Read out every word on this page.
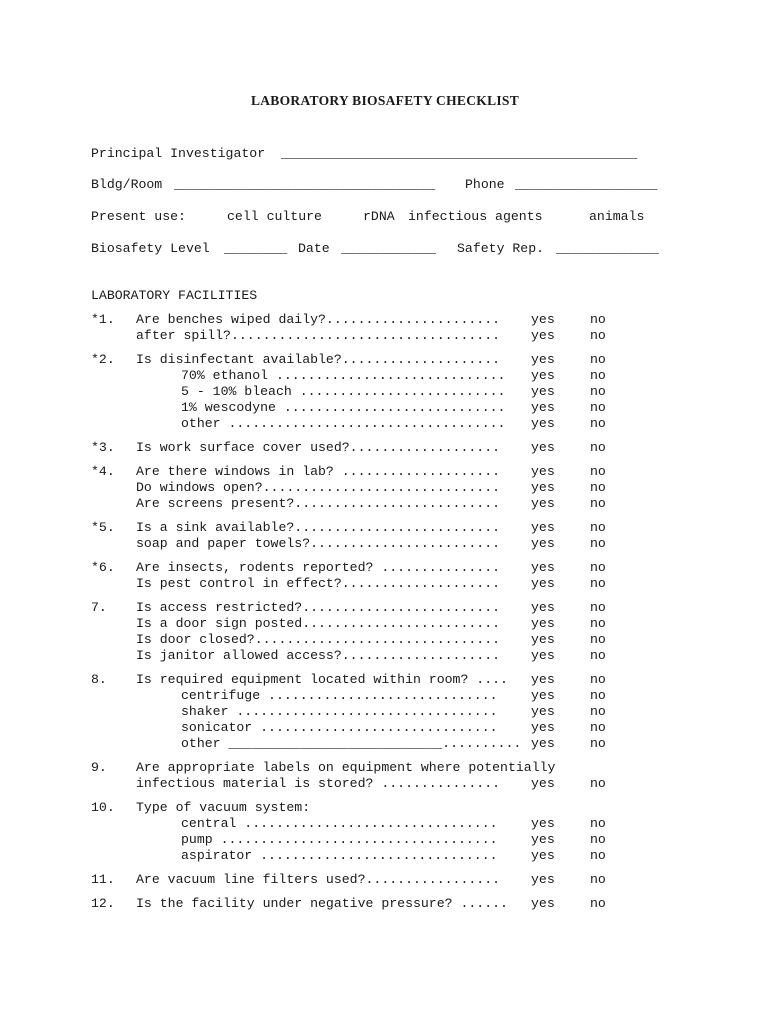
LABORATORY BIOSAFETY CHECKLIST
Principal Investigator _____________________________________________
Bldg/Room _________________________________ Phone __________________
Present use:	cell culture	rDNA infectious agents	animals
Biosafety Level ________ Date ____________ Safety Rep. _____________
LABORATORY FACILITIES
*1. Are benches wiped daily?...................... yes	no
after spill?.................................. yes	no
*2. Is disinfectant available?.................... yes	no
70% ethanol ............................. yes	no
5 - 10% bleach .......................... yes	no
1% wescodyne ............................ yes	no
other ................................... yes	no
*3. Is work surface cover used?................... yes	no
*4. Are there windows in lab? .................... yes	no
Do windows open?.............................. yes	no
Are screens present?.......................... yes	no
*5. Is a sink available?.......................... yes	no
soap and paper towels?........................ yes	no
*6. Are insects, rodents reported? ............... yes	no
Is pest control in effect?.................... yes	no
7. Is access restricted?......................... yes	no
Is a door sign posted......................... yes	no
Is door closed?............................... yes	no
Is janitor allowed access?.................... yes	no
8. Is required equipment located within room? .... yes	no
centrifuge .............................	yes	no
shaker .................................	yes	no
sonicator ..............................	yes	no
other ___________________________.......... yes	no
9. Are appropriate labels on equipment where potentially
infectious material is stored? ............... yes	no
10. Type of vacuum system:
central ................................	yes	no
pump ...................................	yes	no
aspirator ..............................	yes	no
11. Are vacuum line filters used?................. yes	no
12. Is the facility under negative pressure? ...... yes	no
